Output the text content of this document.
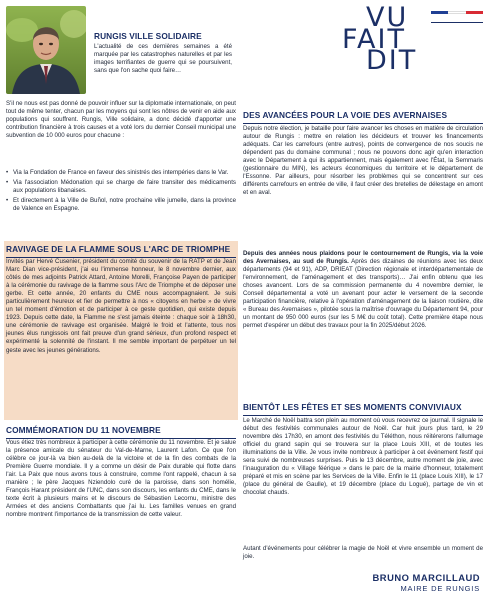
RUNGIS VILLE SOLIDAIRE

L'actualité de ces dernières semaines a été marquée par les catastrophes naturelles et par les images terrifiantes de guerre qui se poursuivent, sans que l'on sache quoi faire…

S'il ne nous est pas donné de pouvoir influer sur la diplomatie internationale, on peut tout de même tenter, chacun par les moyens qui sont les nôtres de venir en aide aux populations qui souffrent. Rungis, Ville solidaire, a donc décidé d'apporter une contribution financière à trois causes et a voté lors du dernier Conseil municipal une subvention de 10 000 euros pour chacune :

• Via la Fondation de France en faveur des sinistrés des intempéries dans le Var.
• Via l'association Médonation qui se charge de faire transiter des médicaments aux populations libanaises.
• Et directement à la Ville de Buñol, notre prochaine ville jumelle, dans la province de Valence en Espagne.
RAVIVAGE DE LA FLAMME SOUS L'ARC DE TRIOMPHE

Invités par Hervé Cusenier, président du comité du souvenir de la RATP et de Jean Marc Dian vice-président, j'ai eu l'immense honneur, le 8 novembre dernier, aux côtés de mes adjoints Patrick Attard, Antoine Morelli, Françoise Payen de participer à la cérémonie du ravivage de la flamme sous l'Arc de Triomphe et de déposer une gerbe. Et cette année, 20 enfants du CME nous accompagnaient. Je suis particulièrement heureux et fier de permettre à nos « citoyens en herbe » de vivre un tel moment d'émotion et de participer à ce geste quotidien, qui existe depuis 1923. Depuis cette date, la Flamme ne s'est jamais éteinte : chaque soir à 18h30, une cérémonie de ravivage est organisée. Malgré le froid et l'attente, tous nos jeunes élus rungissois ont fait preuve d'un grand sérieux, d'un profond respect et expérimenté la solennité de l'instant. Il me semble important de perpétuer un tel geste avec les jeunes générations.

COMMÉMORATION DU 11 NOVEMBRE

Vous étiez très nombreux à participer à cette cérémonie du 11 novembre. Et je salue la présence amicale du sénateur du Val-de-Marne, Laurent Lafon. Ce que l'on célèbre ce jour-là va bien au-delà de la victoire et de la fin des combats de la Première Guerre mondiale. Il y a comme un désir de Paix durable qui flotte dans l'air. La Paix que nous avons tous à construire, comme l'ont rappelé, chacun à sa manière ; le père Jacques Nziendolo curé de la paroisse, dans son homélie, François Harant président de l'UNC, dans son discours, les enfants du CME, dans le texte écrit à plusieurs mains et le discours de Sébastien Lecornu, ministre des Armées et des anciens Combattants que j'ai lu. Les familles venues en grand nombre montrent l'importance de la transmission de cette valeur.

VU
FAIT
DIT
DES AVANCÉES POUR LA VOIE DES AVERNAISES

Depuis notre élection, je bataille pour faire avancer les choses en matière de circulation autour de Rungis : mettre en relation les décideurs et trouver les financements adéquats. Car les carrefours (entre autres), points de convergence de nos soucis ne dépendent pas du domaine communal ; nous ne pouvons donc agir qu'en interaction avec le Département à qui ils appartiennent, mais également avec l'État, la Semmaris (gestionnaire du MIN), les acteurs économiques du territoire et le département de l'Essonne. Par ailleurs, pour résorber les problèmes qui se concentrent sur ces différents carrefours en entrée de ville, il faut créer des bretelles de délestage en amont et en aval.

Depuis des années nous plaidons pour le contournement de Rungis, via la voie des Avernaises, au sud de Rungis. Après des dizaines de réunions avec les deux départements (94 et 91), ADP, DRIEAT (Direction régionale et interdépartementale de l'environnement, de l'aménagement et des transports)… J'ai enfin obtenu que les choses avancent. Lors de sa commission permanente du 4 novembre dernier, le Conseil départemental a voté un avenant pour acter le versement de la seconde participation financière, relative à l'opération d'aménagement de la liaison routière, dite « Bureau des Avernaises », pilotée sous la maîtrise d'ouvrage du Département 94, pour un montant de 950 000 euros (sur les 5 M€ du coût total). Cette première étape nous permet d'espérer un début des travaux pour la fin 2025/début 2026.

BIENTÔT LES FÊTES ET SES MOMENTS CONVIVIAUX

Le Marché de Noël battra son plein au moment où vous recevrez ce journal. Il signale le début des festivités communales autour de Noël. Car huit jours plus tard, le 29 novembre dès 17h30, en amont des festivités du Téléthon, nous réitérerons l'allumage officiel du grand sapin qui se trouvera sur la place Louis XIII, et de toutes les illuminations de la Ville. Je vous invite nombreux à participer à cet événement festif qui sera suivi de nombreuses surprises. Puis le 13 décembre, autre moment de joie, avec l'inauguration du « Village féérique » dans le parc de la mairie d'honneur, totalement préparé et mis en scène par les Services de la Ville. Enfin le 11 (place Louis XIII), le 17 (place du général de Gaulle), et 19 décembre (place du Logué), partage de vin et chocolat chauds.

Autant d'événements pour célébrer la magie de Noël et vivre ensemble un moment de joie.

BRUNO MARCILLAUD
MAIRE DE RUNGIS
